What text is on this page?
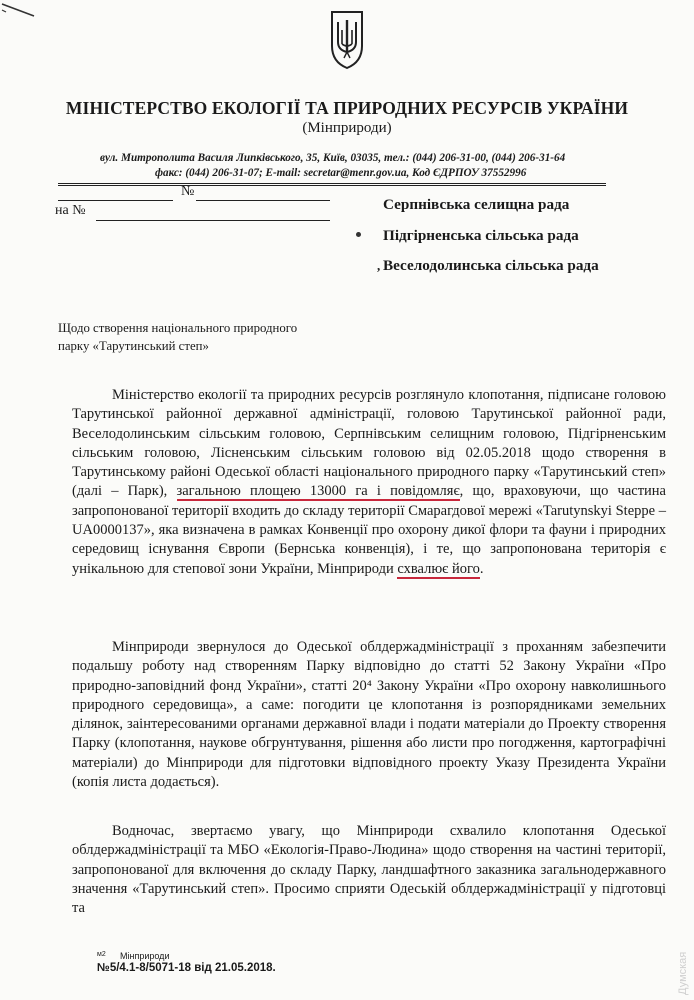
МІНІСТЕРСТВО ЕКОЛОГІЇ ТА ПРИРОДНИХ РЕСУРСІВ УКРАЇНИ
(Мінприроди)
вул. Митрополита Василя Липківського, 35, Київ, 03035, тел.: (044) 206-31-00, (044) 206-31-64
факс: (044) 206-31-07; E-mail: secretar@menr.gov.ua, Код ЄДРПОУ 37552996
№
на №	Серпнівська селищна рада
Підгірненська сільська рада
, Веселодолинська сільська рада
Щодо створення національного природного
парку «Тарутинський степ»

Міністерство екології та природних ресурсів розглянуло клопотання, підписане головою Тарутинської районної державної адміністрації, головою Тарутинської районної ради, Веселодолинським сільським головою, Серпнівським селищним головою, Підгірненським сільським головою, Лісненським сільським головою від 02.05.2018 щодо створення в Тарутинському районі Одеської області національного природного парку «Тарутинський степ» (далі – Парк), загальною площею 13000 га і повідомляє, що, враховуючи, що частина запропонованої території входить до складу території Смарагдової мережі «Tarutynskyi Steppe – UA0000137», яка визначена в рамках Конвенції про охорону дикої флори та фауни і природних середовищ існування Європи (Бернська конвенція), і те, що запропонована територія є унікальною для степової зони України, Мінприроди схвалює його.

Мінприроди звернулося до Одеської облдержадміністрації з проханням забезпечити подальшу роботу над створенням Парку відповідно до статті 52 Закону України «Про природно-заповідний фонд України», статті 20⁴ Закону України «Про охорону навколишнього природного середовища», а саме: погодити це клопотання із розпорядниками земельних ділянок, заінтересованими органами державної влади і подати матеріали до Проекту створення Парку (клопотання, наукове обгрунтування, рішення або листи про погодження, картографічні матеріали) до Мінприроди для підготовки відповідного проекту Указу Президента України (копія листа додається).

Водночас, звертаємо увагу, що Мінприроди схвалило клопотання Одеської облдержадміністрації та МБО «Екологія-Право-Людина» щодо створення на частині території, запропонованої для включення до складу Парку, ландшафтного заказника загальнодержавного значення «Тарутинський степ». Просимо сприяти Одеській облдержадміністрації у підготовці та

м2 Мінприроди
№5/4.1-8/5071-18 від 21.05.2018.	Думская
